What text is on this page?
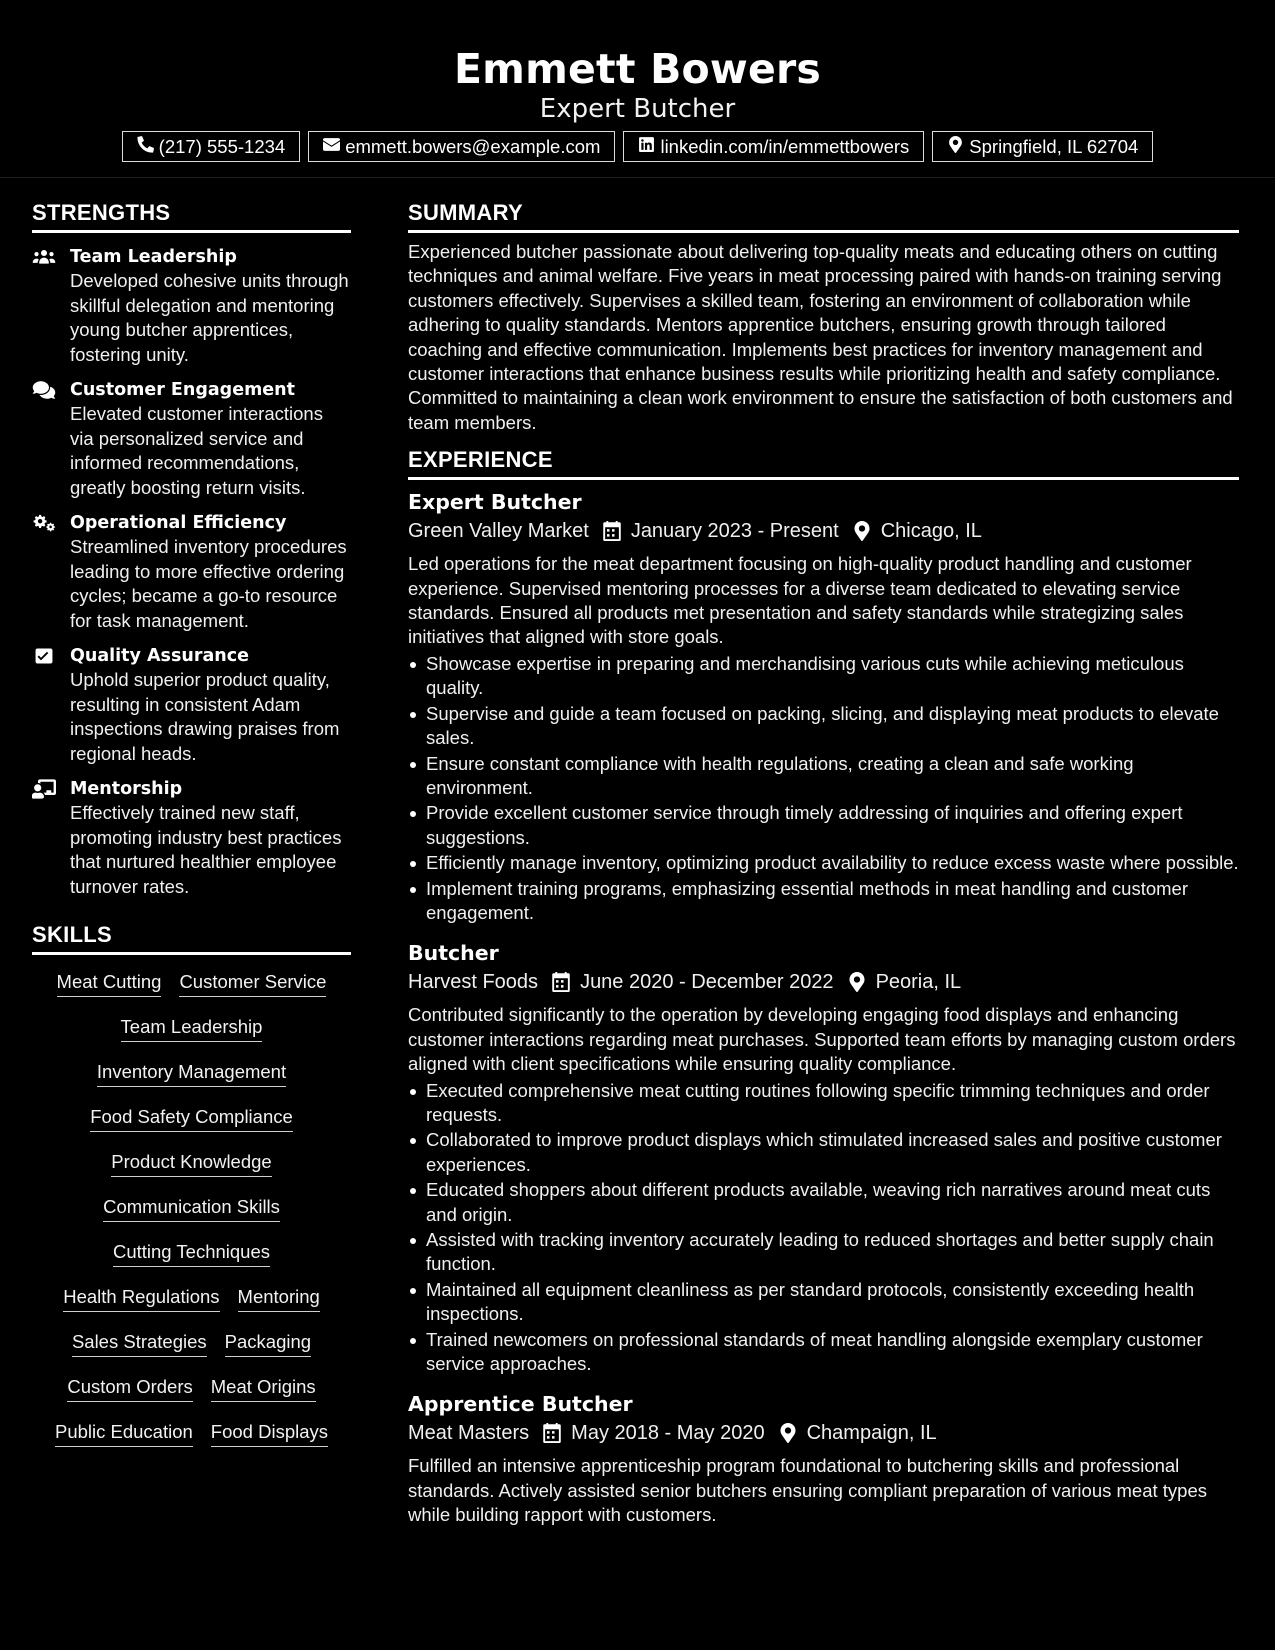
Emmett Bowers
Expert Butcher
(217) 555-1234	emmett.bowers@example.com	linkedin.com/in/emmettbowers	Springfield, IL 62704
STRENGTHS
Team Leadership
Developed cohesive units through skillful delegation and mentoring young butcher apprentices, fostering unity.
Customer Engagement
Elevated customer interactions via personalized service and informed recommendations, greatly boosting return visits.
Operational Efficiency
Streamlined inventory procedures leading to more effective ordering cycles; became a go-to resource for task management.
Quality Assurance
Uphold superior product quality, resulting in consistent Adam inspections drawing praises from regional heads.
Mentorship
Effectively trained new staff, promoting industry best practices that nurtured healthier employee turnover rates.
SKILLS
Meat Cutting Customer Service
Team Leadership
Inventory Management
Food Safety Compliance
Product Knowledge
Communication Skills
Cutting Techniques
Health Regulations Mentoring
Sales Strategies Packaging
Custom Orders Meat Origins
Public Education Food Displays
SUMMARY

Experienced butcher passionate about delivering top-quality meats and educating others on cutting techniques and animal welfare. Five years in meat processing paired with hands-on training serving customers effectively. Supervises a skilled team, fostering an environment of collaboration while adhering to quality standards. Mentors apprentice butchers, ensuring growth through tailored coaching and effective communication. Implements best practices for inventory management and customer interactions that enhance business results while prioritizing health and safety compliance. Committed to maintaining a clean work environment to ensure the satisfaction of both customers and team members.

EXPERIENCE
Expert Butcher
Green Valley Market January 2023 - Present Chicago, IL

Led operations for the meat department focusing on high-quality product handling and customer experience. Supervised mentoring processes for a diverse team dedicated to elevating service standards. Ensured all products met presentation and safety standards while strategizing sales initiatives that aligned with store goals.

Showcase expertise in preparing and merchandising various cuts while achieving meticulous quality.
Supervise and guide a team focused on packing, slicing, and displaying meat products to elevate sales.
Ensure constant compliance with health regulations, creating a clean and safe working environment.
Provide excellent customer service through timely addressing of inquiries and offering expert suggestions.
Efficiently manage inventory, optimizing product availability to reduce excess waste where possible.
Implement training programs, emphasizing essential methods in meat handling and customer engagement.
Butcher
Harvest Foods June 2020 - December 2022 Peoria, IL

Contributed significantly to the operation by developing engaging food displays and enhancing customer interactions regarding meat purchases. Supported team efforts by managing custom orders aligned with client specifications while ensuring quality compliance.

Executed comprehensive meat cutting routines following specific trimming techniques and order requests.
Collaborated to improve product displays which stimulated increased sales and positive customer experiences.
Educated shoppers about different products available, weaving rich narratives around meat cuts and origin.
Assisted with tracking inventory accurately leading to reduced shortages and better supply chain function.
Maintained all equipment cleanliness as per standard protocols, consistently exceeding health inspections.
Trained newcomers on professional standards of meat handling alongside exemplary customer service approaches.
Apprentice Butcher
Meat Masters May 2018 - May 2020 Champaign, IL

Fulfilled an intensive apprenticeship program foundational to butchering skills and professional standards. Actively assisted senior butchers ensuring compliant preparation of various meat types while building rapport with customers.
